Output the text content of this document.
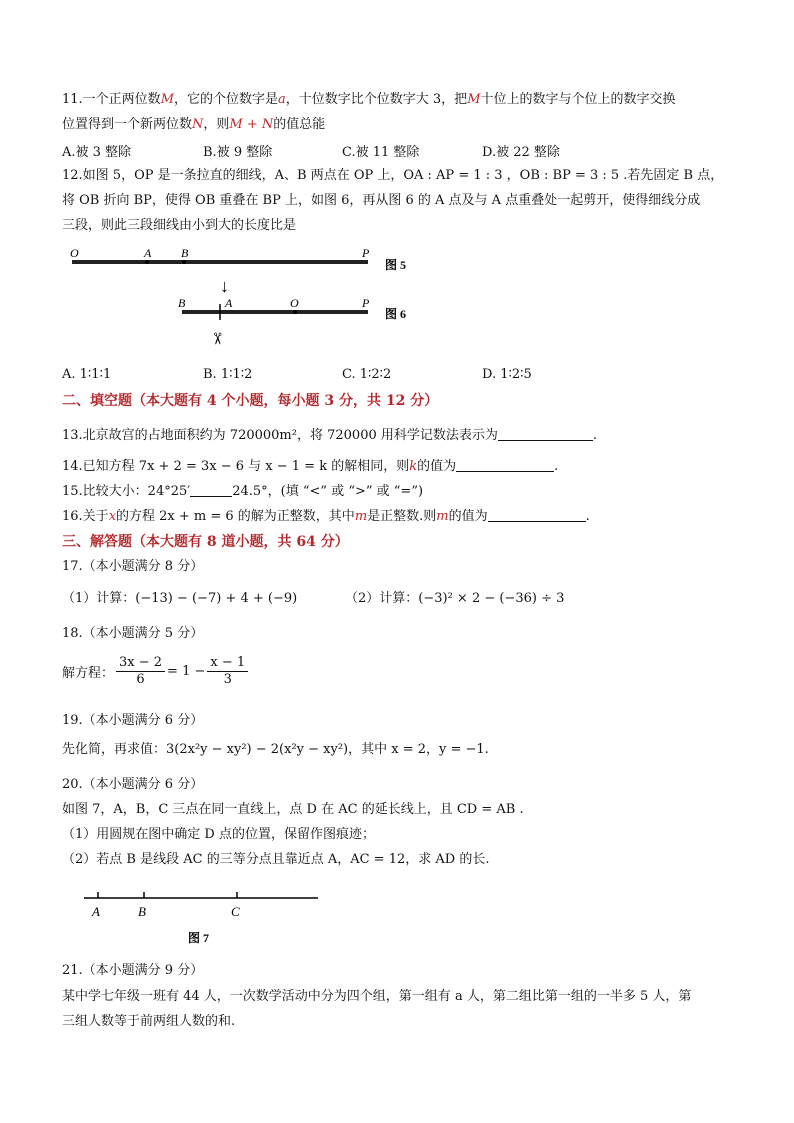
11.一个正两位数M，它的个位数字是a，十位数字比个位数字大 3，把M十位上的数字与个位上的数字交换
位置得到一个新两位数N，则M + N的值总能
A.被 3 整除	B.被 9 整除	C.被 11 整除	D.被 22 整除
12.如图 5，OP 是一条拉直的细线，A、B 两点在 OP 上，OA : AP = 1 : 3 ，OB : BP = 3 : 5 .若先固定 B 点，
将 OB 折向 BP，使得 OB 重叠在 BP 上，如图 6，再从图 6 的 A 点及与 A 点重叠处一起剪开，使得细线分成
三段，则此三段细线由小到大的长度比是
O	A B	P
图 5
↓
B	A	O	P
图 6
✂
A. 1∶1∶1	B. 1∶1∶2	C. 1∶2∶2	D. 1∶2∶5
二、填空题（本大题有 4 个小题，每小题 3 分，共 12 分）
13.北京故宫的占地面积约为 720000m²，将 720000 用科学记数法表示为	.
14.已知方程 7x + 2 = 3x − 6 与 x − 1 = k 的解相同，则k的值为	.
15.比较大小：24°25′	24.5°，(填 “<” 或 “>” 或 “=”)
16.关于x的方程 2x + m = 6 的解为正整数，其中m是正整数.则m的值为	.
三、解答题（本大题有 8 道小题，共 64 分）
17.（本小题满分 8 分）
（1）计算：(−13) − (−7) + 4 + (−9)	（2）计算：(−3)² × 2 − (−36) ÷ 3
18.（本小题满分 5 分）
解方程： $\frac{3x - 2}{6} = 1 - \frac{x - 1}{3}$
19.（本小题满分 6 分）
先化简，再求值：3(2x²y − xy²) − 2(x²y − xy²)，其中 x = 2，y = −1.
20.（本小题满分 6 分）
如图 7，A，B，C 三点在同一直线上，点 D 在 AC 的延长线上，且 CD = AB .
（1）用圆规在图中确定 D 点的位置，保留作图痕迹；
（2）若点 B 是线段 AC 的三等分点且靠近点 A，AC = 12，求 AD 的长.
A	B	C
图 7
21.（本小题满分 9 分）
某中学七年级一班有 44 人，一次数学活动中分为四个组，第一组有 a 人，第二组比第一组的一半多 5 人，第
三组人数等于前两组人数的和.
